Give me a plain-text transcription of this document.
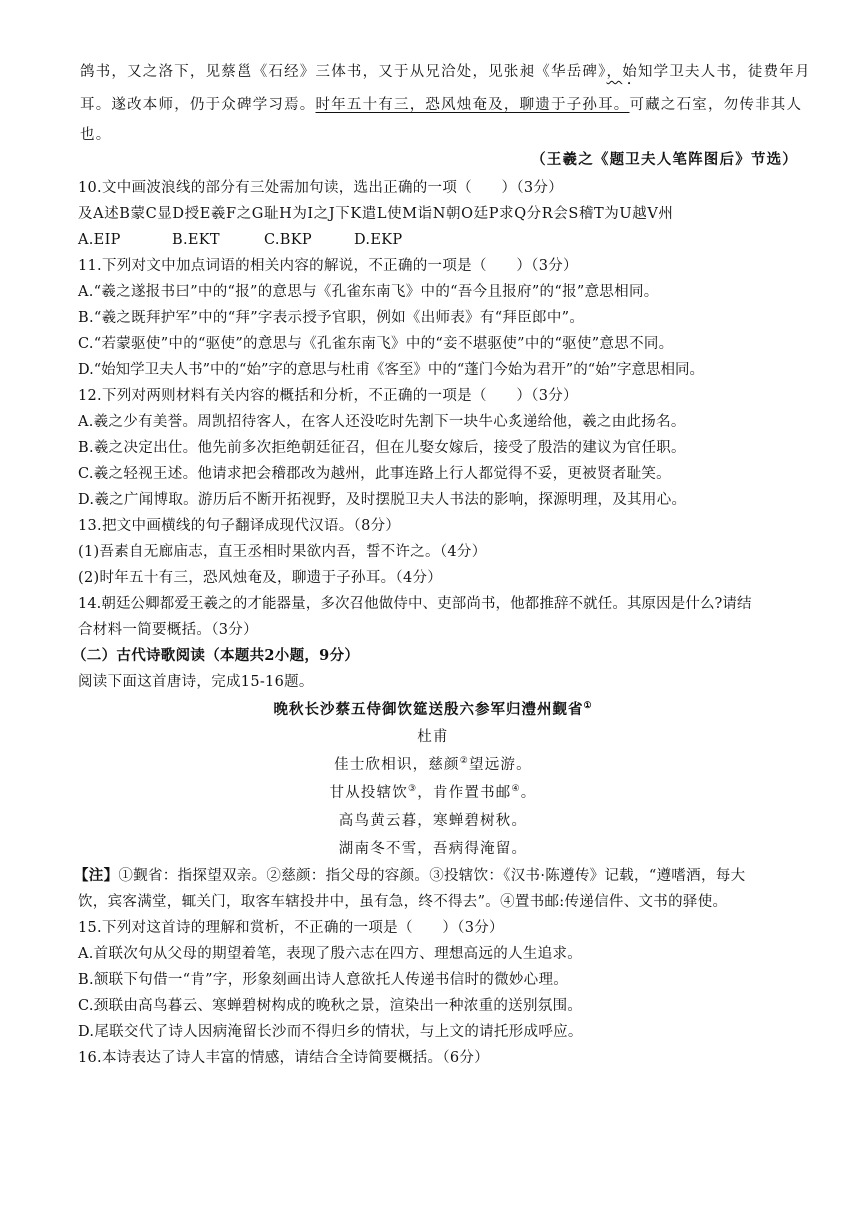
鸽书，又之洛下，见蔡邕《石经》三体书，又于从兄洽处，见张昶《华岳碑》，始知学卫夫人书，徒费年月
耳。遂改本师，仍于众碑学习焉。时年五十有三，恐风烛奄及，聊遗于子孙耳。可藏之石室，勿传非其人
也。
（王羲之《题卫夫人笔阵图后》节选）
10.文中画波浪线的部分有三处需加句读，选出正确的一项（　　）（3分）
及A述B蒙C显D授E羲F之G耻H为I之J下K遣L使M诣N朝O廷P求Q分R会S稽T为U越V州
A.EIP	B.EKT	C.BKP	D.EKP
11.下列对文中加点词语的相关内容的解说，不正确的一项是（　　）（3分）
A.“羲之遂报书曰”中的“报”的意思与《孔雀东南飞》中的“吾今且报府”的“报”意思相同。
B.“羲之既拜护军”中的“拜”字表示授予官职，例如《出师表》有“拜臣郎中”。
C.“若蒙驱使”中的“驱使”的意思与《孔雀东南飞》中的“妾不堪驱使”中的“驱使”意思不同。
D.“始知学卫夫人书”中的“始”字的意思与杜甫《客至》中的“蓬门今始为君开”的“始”字意思相同。
12.下列对两则材料有关内容的概括和分析，不正确的一项是（　　）（3分）
A.羲之少有美誉。周凯招待客人，在客人还没吃时先割下一块牛心炙递给他，羲之由此扬名。
B.羲之决定出仕。他先前多次拒绝朝廷征召，但在儿娶女嫁后，接受了殷浩的建议为官任职。
C.羲之轻视王述。他请求把会稽郡改为越州，此事连路上行人都觉得不妥，更被贤者耻笑。
D.羲之广闻博取。游历后不断开拓视野，及时摆脱卫夫人书法的影响，探源明理，及其用心。
13.把文中画横线的句子翻译成现代汉语。（8分）
(1)吾素自无廊庙志，直王丞相时果欲内吾，誓不许之。（4分）
(2)时年五十有三，恐风烛奄及，聊遗于子孙耳。（4分）
14.朝廷公卿都爱王羲之的才能器量，多次召他做侍中、吏部尚书，他都推辞不就任。其原因是什么?请结
合材料一简要概括。（3分）
（二）古代诗歌阅读（本题共2小题，9分）
阅读下面这首唐诗，完成15-16题。
晚秋长沙蔡五侍御饮筵送殷六参军归澧州觐省①
杜甫
佳士欣相识，慈颜②望远游。
甘从投辖饮③，肯作置书邮④。
高鸟黄云暮，寒蝉碧树秋。
湖南冬不雪，吾病得淹留。
【注】①觐省：指探望双亲。②慈颜：指父母的容颜。③投辖饮：《汉书·陈遵传》记载，“遵嗜酒，每大
饮，宾客满堂，辄关门，取客车辖投井中，虽有急，终不得去”。④置书邮:传递信件、文书的驿使。
15.下列对这首诗的理解和赏析，不正确的一项是（　　）（3分）
A.首联次句从父母的期望着笔，表现了殷六志在四方、理想高远的人生追求。
B.颔联下句借一“肯”字，形象刻画出诗人意欲托人传递书信时的微妙心理。
C.颈联由高鸟暮云、寒蝉碧树构成的晚秋之景，渲染出一种浓重的送别氛围。
D.尾联交代了诗人因病淹留长沙而不得归乡的情状，与上文的请托形成呼应。
16.本诗表达了诗人丰富的情感，请结合全诗简要概括。（6分）
